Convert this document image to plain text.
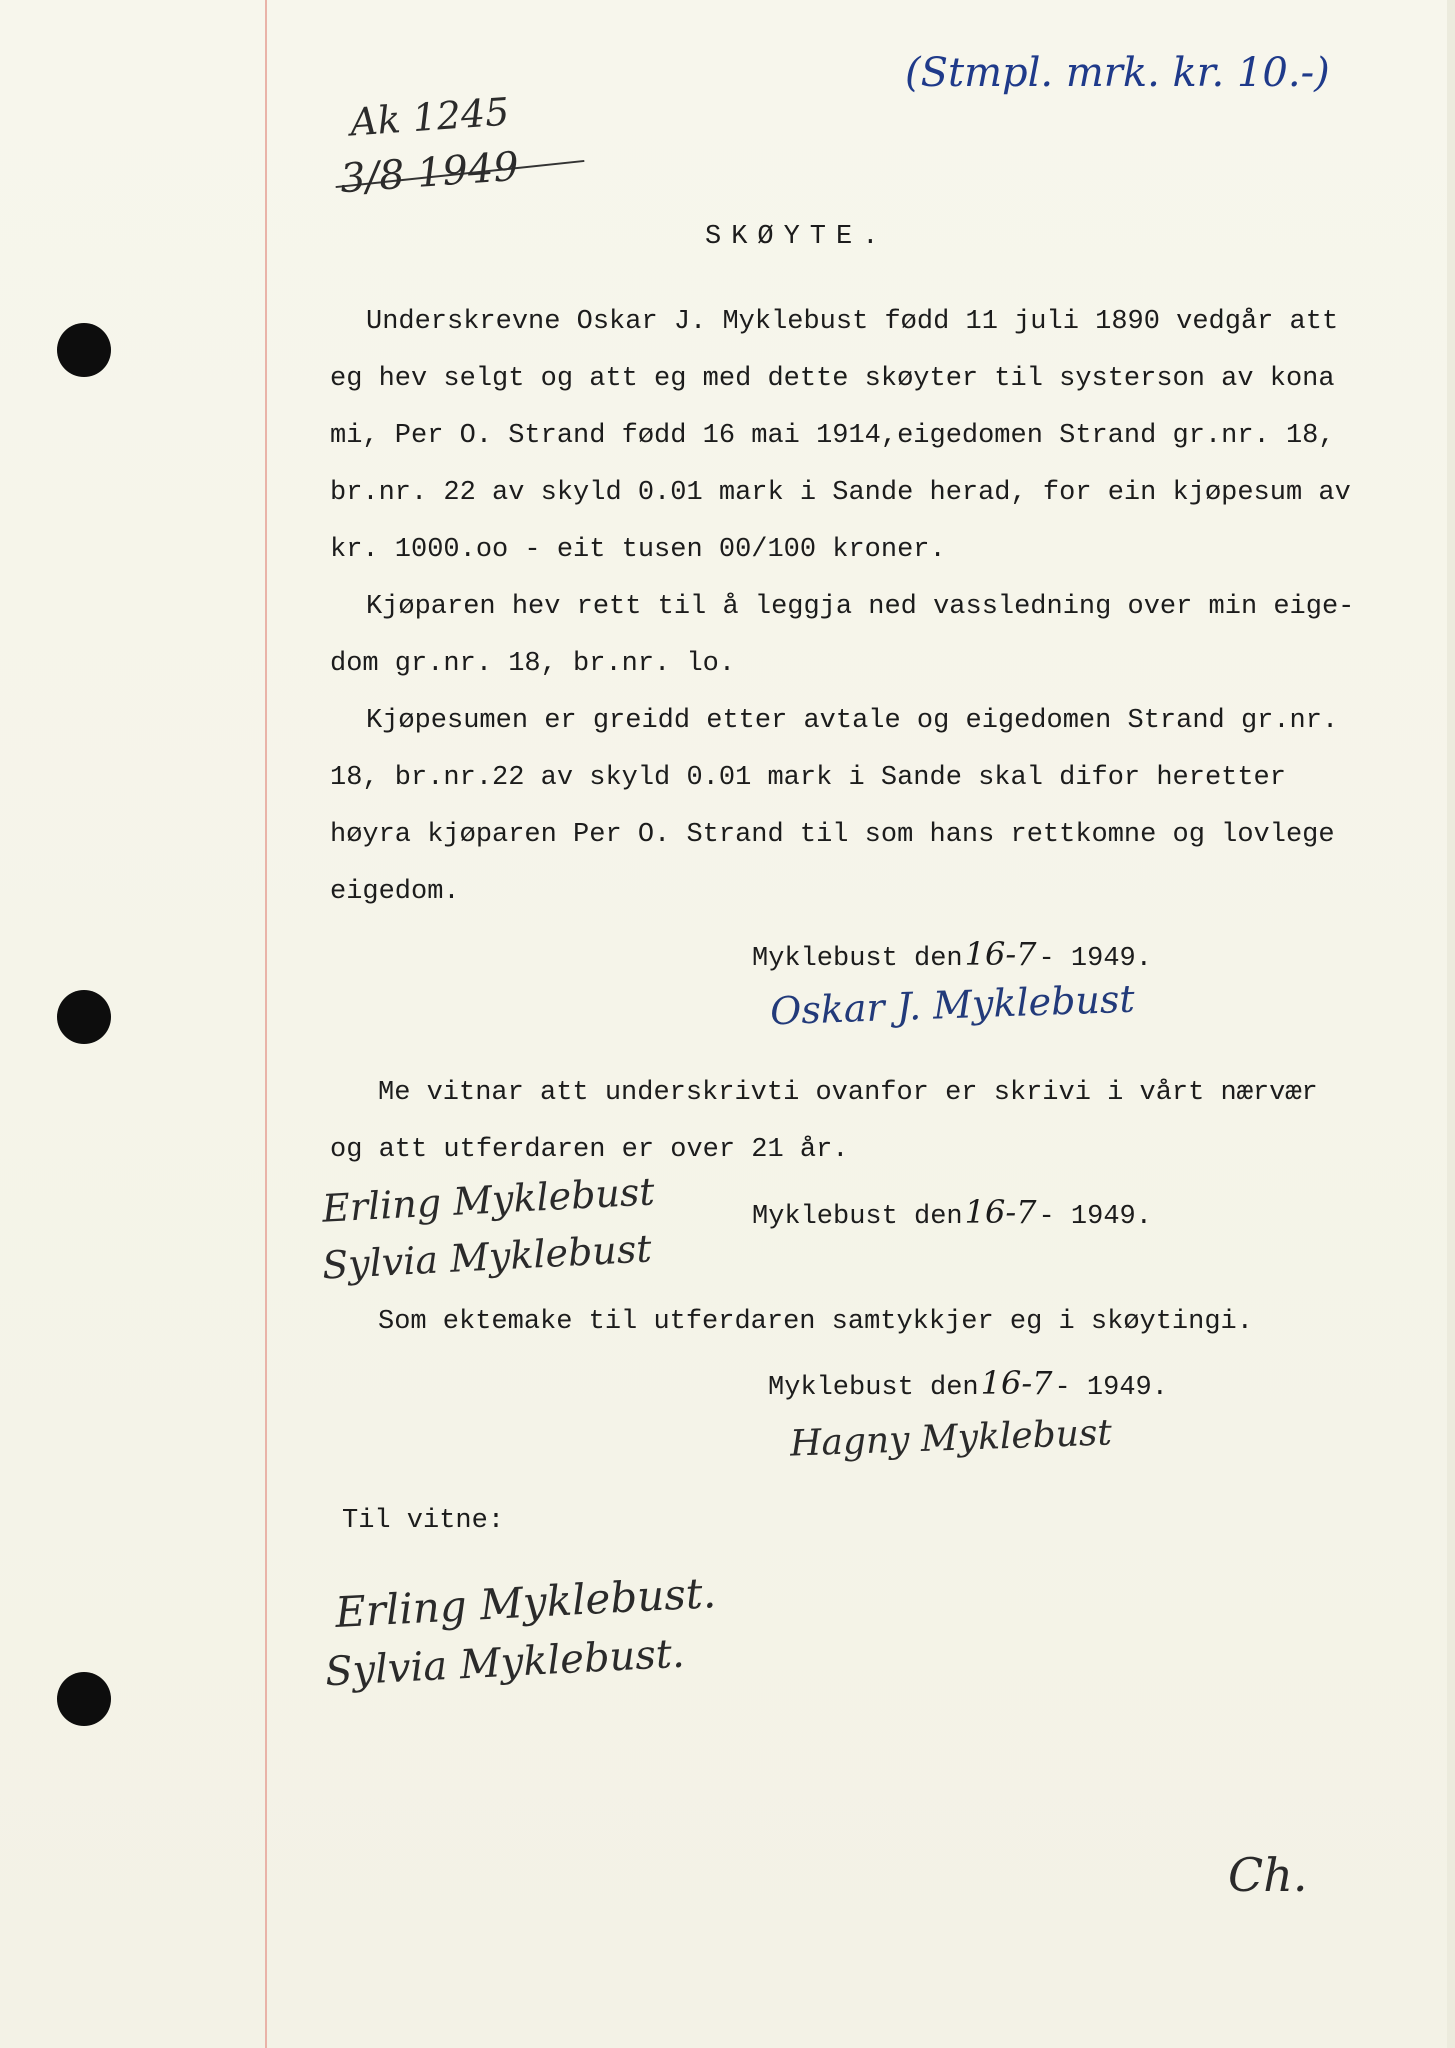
Ak 1245
3/8 1949
(Stmpl. mrk. kr. 10.-)
SKØYTE.
Underskrevne Oskar J. Myklebust fødd 11 juli 1890 vedgår att
eg hev selgt og att eg med dette skøyter til systerson av kona
mi, Per O. Strand fødd 16 mai 1914,eigedomen Strand gr.nr. 18,
br.nr. 22 av skyld 0.01 mark i Sande herad, for ein kjøpesum av
kr. 1000.oo - eit tusen 00/100 kroner.
Kjøparen hev rett til å leggja ned vassledning over min eige-
dom gr.nr. 18, br.nr. lo.
Kjøpesumen er greidd etter avtale og eigedomen Strand gr.nr.
18, br.nr.22 av skyld 0.01 mark i Sande skal difor heretter
høyra kjøparen Per O. Strand til som hans rettkomne og lovlege
eigedom.
Myklebust den16-7- 1949.
Oskar J. Myklebust
Me vitnar att underskrivti ovanfor er skrivi i vårt nærvær
og att utferdaren er over 21 år.
Erling Myklebust	Myklebust den16-7- 1949.
Sylvia Myklebust
Som ektemake til utferdaren samtykkjer eg i skøytingi.
Myklebust den16-7- 1949.
Hagny Myklebust
Til vitne:
Erling Myklebust.
Sylvia Myklebust.
Ch.
